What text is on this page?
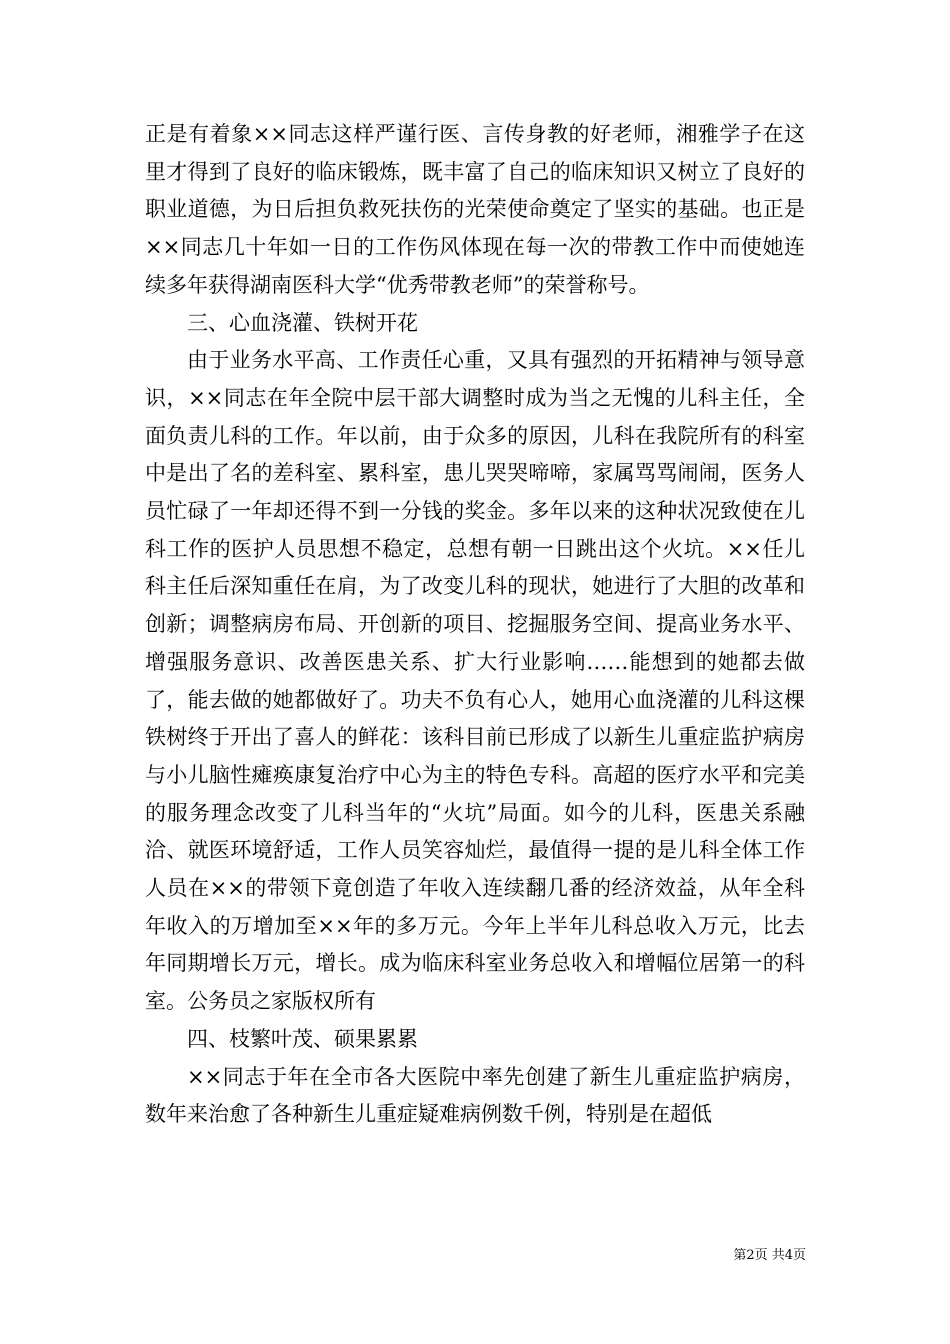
正是有着象××同志这样严谨行医、言传身教的好老师，湘雅学子在这里才得到了良好的临床锻炼，既丰富了自己的临床知识又树立了良好的职业道德，为日后担负救死扶伤的光荣使命奠定了坚实的基础。也正是××同志几十年如一日的工作伤风体现在每一次的带教工作中而使她连续多年获得湖南医科大学“优秀带教老师”的荣誉称号。

三、心血浇灌、铁树开花

由于业务水平高、工作责任心重，又具有强烈的开拓精神与领导意识，××同志在年全院中层干部大调整时成为当之无愧的儿科主任，全面负责儿科的工作。年以前，由于众多的原因，儿科在我院所有的科室中是出了名的差科室、累科室，患儿哭哭啼啼，家属骂骂闹闹，医务人员忙碌了一年却还得不到一分钱的奖金。多年以来的这种状况致使在儿科工作的医护人员思想不稳定，总想有朝一日跳出这个火坑。××任儿科主任后深知重任在肩，为了改变儿科的现状，她进行了大胆的改革和创新；调整病房布局、开创新的项目、挖掘服务空间、提高业务水平、增强服务意识、改善医患关系、扩大行业影响……能想到的她都去做了，能去做的她都做好了。功夫不负有心人，她用心血浇灌的儿科这棵铁树终于开出了喜人的鲜花：该科目前已形成了以新生儿重症监护病房与小儿脑性瘫痪康复治疗中心为主的特色专科。高超的医疗水平和完美的服务理念改变了儿科当年的“火坑”局面。如今的儿科，医患关系融洽、就医环境舒适，工作人员笑容灿烂，最值得一提的是儿科全体工作人员在××的带领下竟创造了年收入连续翻几番的经济效益，从年全科年收入的万增加至××年的多万元。今年上半年儿科总收入万元，比去年同期增长万元，增长。成为临床科室业务总收入和增幅位居第一的科室。公务员之家版权所有

四、枝繁叶茂、硕果累累

××同志于年在全市各大医院中率先创建了新生儿重症监护病房，数年来治愈了各种新生儿重症疑难病例数千例，特别是在超低

第2页 共4页
